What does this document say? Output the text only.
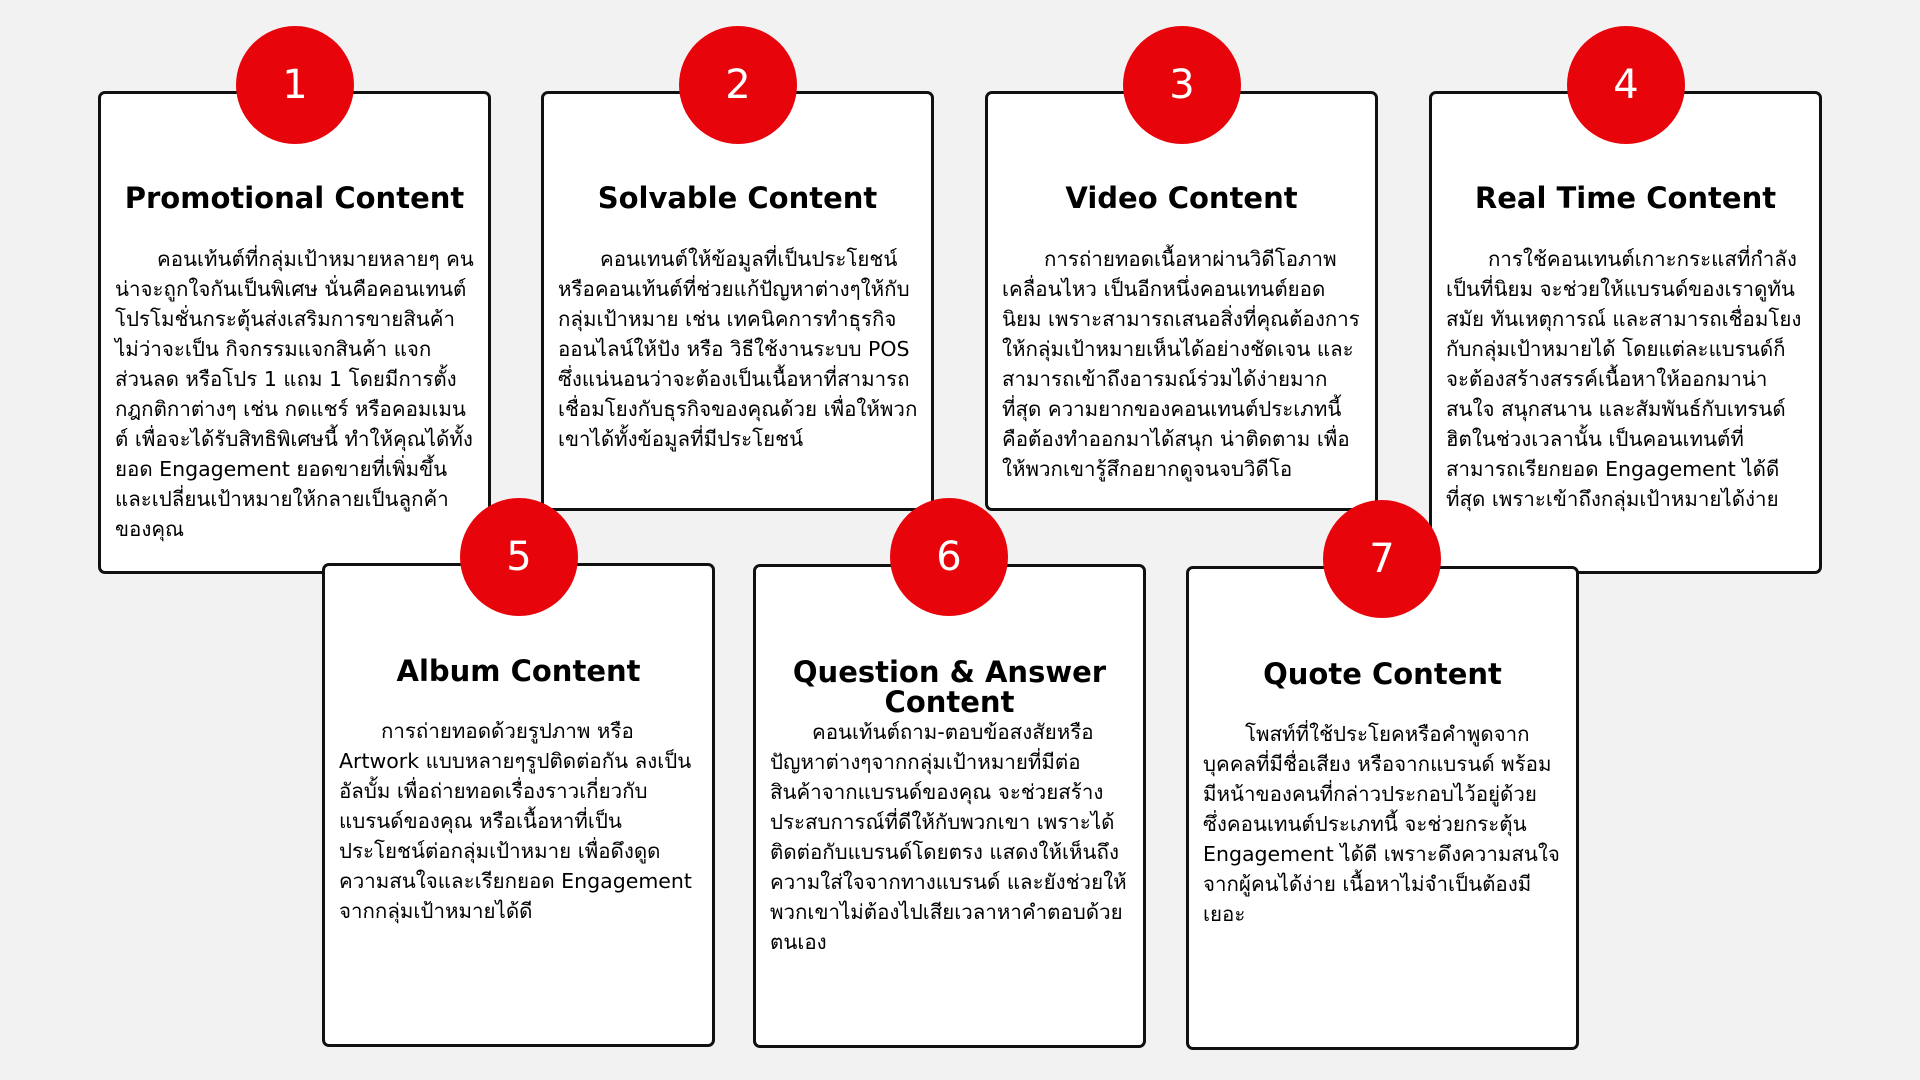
Promotional Content

คอนเท้นต์ที่กลุ่มเป้าหมายหลายๆ คนน่าจะถูกใจกันเป็นพิเศษ นั่นคือคอนเทนต์โปรโมชั่นกระตุ้นส่งเสริมการขายสินค้า ไม่ว่าจะเป็น กิจกรรมแจกสินค้า แจกส่วนลด หรือโปร 1 แถม 1 โดยมีการตั้งกฎกติกาต่างๆ เช่น กดแชร์ หรือคอมเมนต์ เพื่อจะได้รับสิทธิพิเศษนี้ ทำให้คุณได้ทั้งยอด Engagement ยอดขายที่เพิ่มขึ้น และเปลี่ยนเป้าหมายให้กลายเป็นลูกค้าของคุณ

1
Solvable Content

คอนเทนต์ให้ข้อมูลที่เป็นประโยชน์ หรือคอนเท้นต์ที่ช่วยแก้ปัญหาต่างๆให้กับกลุ่มเป้าหมาย เช่น เทคนิคการทำธุรกิจออนไลน์ให้ปัง หรือ วิธีใช้งานระบบ POS ซึ่งแน่นอนว่าจะต้องเป็นเนื้อหาที่สามารถเชื่อมโยงกับธุรกิจของคุณด้วย เพื่อให้พวกเขาได้ทั้งข้อมูลที่มีประโยชน์

2
Video Content

การถ่ายทอดเนื้อหาผ่านวิดีโอภาพเคลื่อนไหว เป็นอีกหนึ่งคอนเทนต์ยอดนิยม เพราะสามารถเสนอสิ่งที่คุณต้องการให้กลุ่มเป้าหมายเห็นได้อย่างชัดเจน และสามารถเข้าถึงอารมณ์ร่วมได้ง่ายมากที่สุด ความยากของคอนเทนต์ประเภทนี้คือต้องทำออกมาได้สนุก น่าติดตาม เพื่อให้พวกเขารู้สึกอยากดูจนจบวิดีโอ

3
Real Time Content

การใช้คอนเทนต์เกาะกระแสที่กำลังเป็นที่นิยม จะช่วยให้แบรนด์ของเราดูทันสมัย ทันเหตุการณ์ และสามารถเชื่อมโยงกับกลุ่มเป้าหมายได้ โดยแต่ละแบรนด์ก็จะต้องสร้างสรรค์เนื้อหาให้ออกมาน่าสนใจ สนุกสนาน และสัมพันธ์กับเทรนด์ฮิตในช่วงเวลานั้น เป็นคอนเทนต์ที่สามารถเรียกยอด Engagement ได้ดีที่สุด เพราะเข้าถึงกลุ่มเป้าหมายได้ง่าย

4
Album Content

การถ่ายทอดด้วยรูปภาพ หรือ Artwork แบบหลายๆรูปติดต่อกัน ลงเป็นอัลบั้ม เพื่อถ่ายทอดเรื่องราวเกี่ยวกับแบรนด์ของคุณ หรือเนื้อหาที่เป็นประโยชน์ต่อกลุ่มเป้าหมาย เพื่อดึงดูดความสนใจและเรียกยอด Engagement จากกลุ่มเป้าหมายได้ดี

5
Question & Answer Content

คอนเท้นต์ถาม-ตอบข้อสงสัยหรือปัญหาต่างๆจากกลุ่มเป้าหมายที่มีต่อสินค้าจากแบรนด์ของคุณ จะช่วยสร้างประสบการณ์ที่ดีให้กับพวกเขา เพราะได้ติดต่อกับแบรนด์โดยตรง แสดงให้เห็นถึงความใส่ใจจากทางแบรนด์ และยังช่วยให้พวกเขาไม่ต้องไปเสียเวลาหาคำตอบด้วยตนเอง

6
Quote Content

โพสท์ที่ใช้ประโยคหรือคำพูดจากบุคคลที่มีชื่อเสียง หรือจากแบรนด์ พร้อมมีหน้าของคนที่กล่าวประกอบไว้อยู่ด้วย ซึ่งคอนเทนต์ประเภทนี้ จะช่วยกระตุ้น Engagement ได้ดี เพราะดึงความสนใจจากผู้คนได้ง่าย เนื้อหาไม่จำเป็นต้องมีเยอะ

7
